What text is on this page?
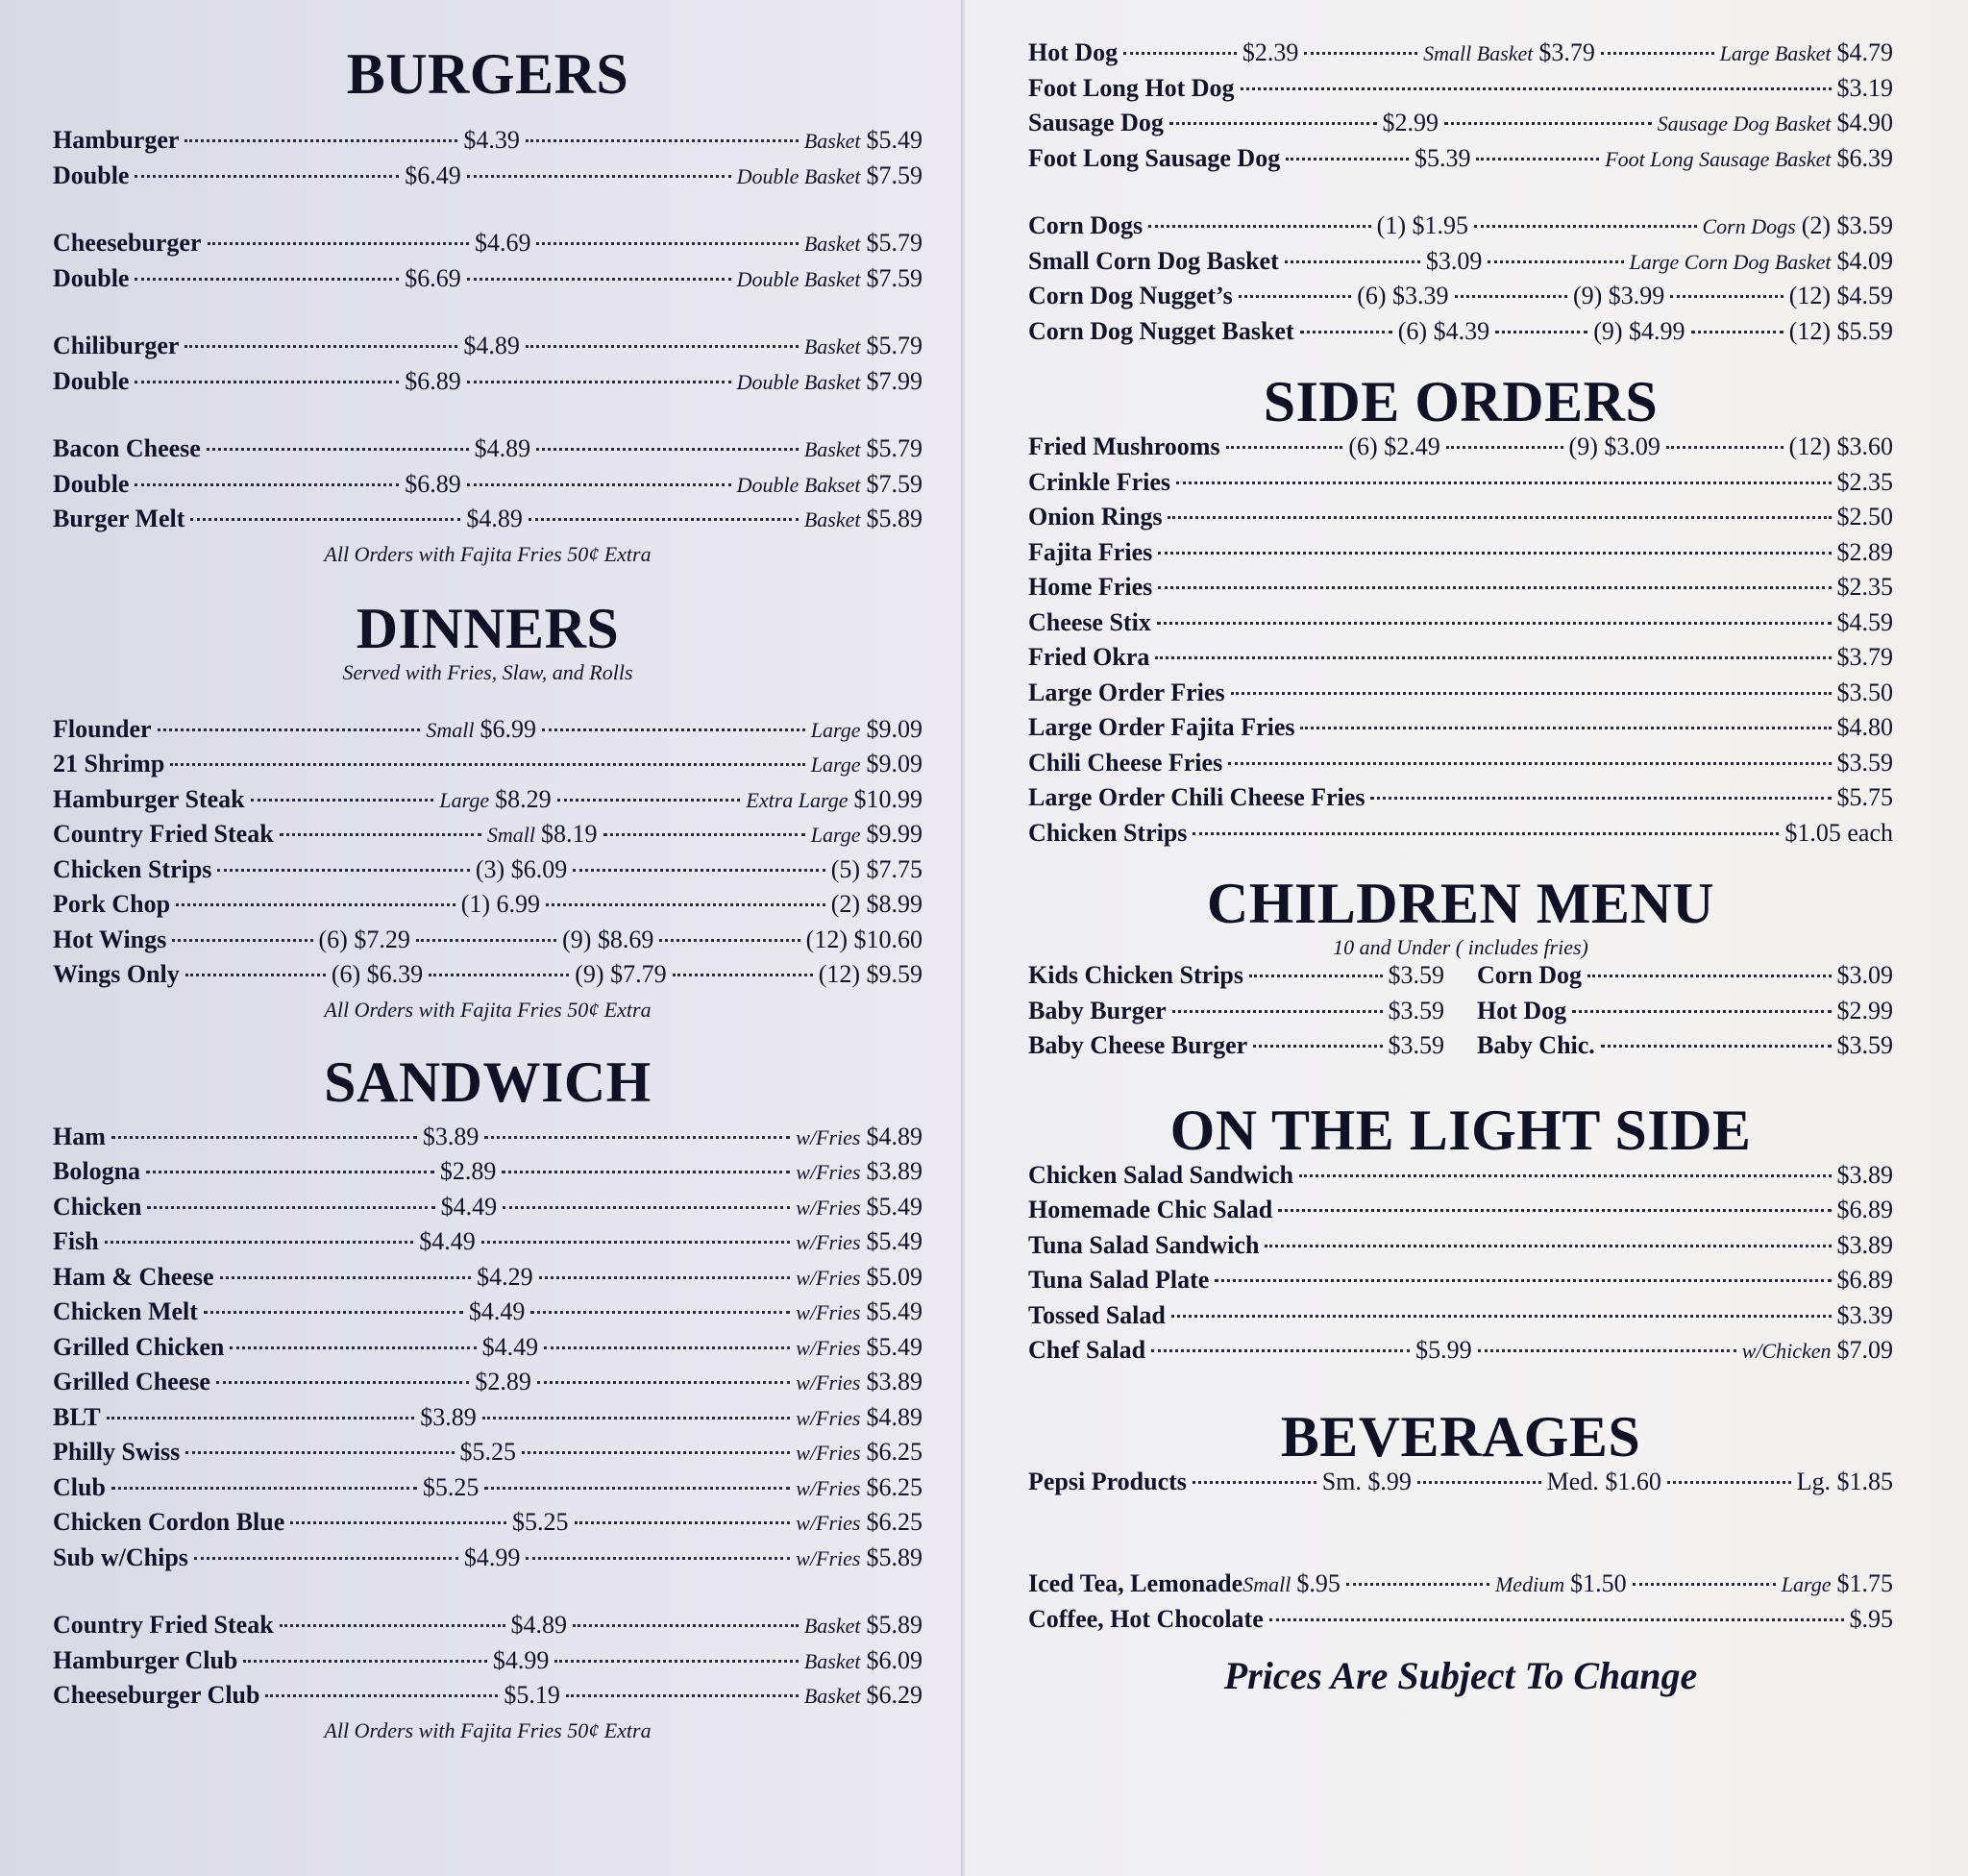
BURGERS
Hamburger	$4.39	Basket $5.49
Double	$6.49	Double Basket $7.59
Cheeseburger	$4.69	Basket $5.79
Double	$6.69	Double Basket $7.59
Chiliburger	$4.89	Basket $5.79
Double	$6.89	Double Basket $7.99
Bacon Cheese	$4.89	Basket $5.79
Double	$6.89	Double Bakset $7.59
Burger Melt	$4.89	Basket $5.89

All Orders with Fajita Fries 50¢ Extra

DINNERS

Served with Fries, Slaw, and Rolls

Flounder	Small $6.99	Large $9.09
21 Shrimp	Large $9.09
Hamburger Steak	Large $8.29	Extra Large $10.99
Country Fried Steak	Small $8.19	Large $9.99
Chicken Strips	(3) $6.09	(5) $7.75
Pork Chop	(1) 6.99	(2) $8.99
Hot Wings	(6) $7.29	(9) $8.69	(12) $10.60
Wings Only	(6) $6.39	(9) $7.79	(12) $9.59

All Orders with Fajita Fries 50¢ Extra

SANDWICH
Ham	$3.89	w/Fries $4.89
Bologna	$2.89	w/Fries $3.89
Chicken	$4.49	w/Fries $5.49
Fish	$4.49	w/Fries $5.49
Ham & Cheese	$4.29	w/Fries $5.09
Chicken Melt	$4.49	w/Fries $5.49
Grilled Chicken	$4.49	w/Fries $5.49
Grilled Cheese	$2.89	w/Fries $3.89
BLT	$3.89	w/Fries $4.89
Philly Swiss	$5.25	w/Fries $6.25
Club	$5.25	w/Fries $6.25
Chicken Cordon Blue	$5.25	w/Fries $6.25
Sub w/Chips	$4.99	w/Fries $5.89
Country Fried Steak	$4.89	Basket $5.89
Hamburger Club	$4.99	Basket $6.09
Cheeseburger Club	$5.19	Basket $6.29

All Orders with Fajita Fries 50¢ Extra

Hot Dog	$2.39	Small Basket $3.79	Large Basket $4.79
Foot Long Hot Dog	$3.19
Sausage Dog	$2.99	Sausage Dog Basket $4.90
Foot Long Sausage Dog	$5.39	Foot Long Sausage Basket $6.39
Corn Dogs	(1) $1.95	Corn Dogs (2) $3.59
Small Corn Dog Basket	$3.09	Large Corn Dog Basket $4.09
Corn Dog Nugget’s	(6) $3.39	(9) $3.99	(12) $4.59
Corn Dog Nugget Basket	(6) $4.39	(9) $4.99	(12) $5.59
SIDE ORDERS
Fried Mushrooms	(6) $2.49	(9) $3.09	(12) $3.60
Crinkle Fries	$2.35
Onion Rings	$2.50
Fajita Fries	$2.89
Home Fries	$2.35
Cheese Stix	$4.59
Fried Okra	$3.79
Large Order Fries	$3.50
Large Order Fajita Fries	$4.80
Chili Cheese Fries	$3.59
Large Order Chili Cheese Fries	$5.75
Chicken Strips	$1.05 each
CHILDREN MENU

10 and Under ( includes fries)

Kids Chicken Strips	$3.59
Baby Burger	$3.59
Baby Cheese Burger	$3.59
Corn Dog	$3.09
Hot Dog	$2.99
Baby Chic.	$3.59
ON THE LIGHT SIDE
Chicken Salad Sandwich	$3.89
Homemade Chic Salad	$6.89
Tuna Salad Sandwich	$3.89
Tuna Salad Plate	$6.89
Tossed Salad	$3.39
Chef Salad	$5.99	w/Chicken $7.09
BEVERAGES
Pepsi Products	Sm. $.99	Med. $1.60	Lg. $1.85
Iced Tea, Lemonade Small $.95	Medium $1.50	Large $1.75
Coffee, Hot Chocolate	$.95

Prices Are Subject To Change
